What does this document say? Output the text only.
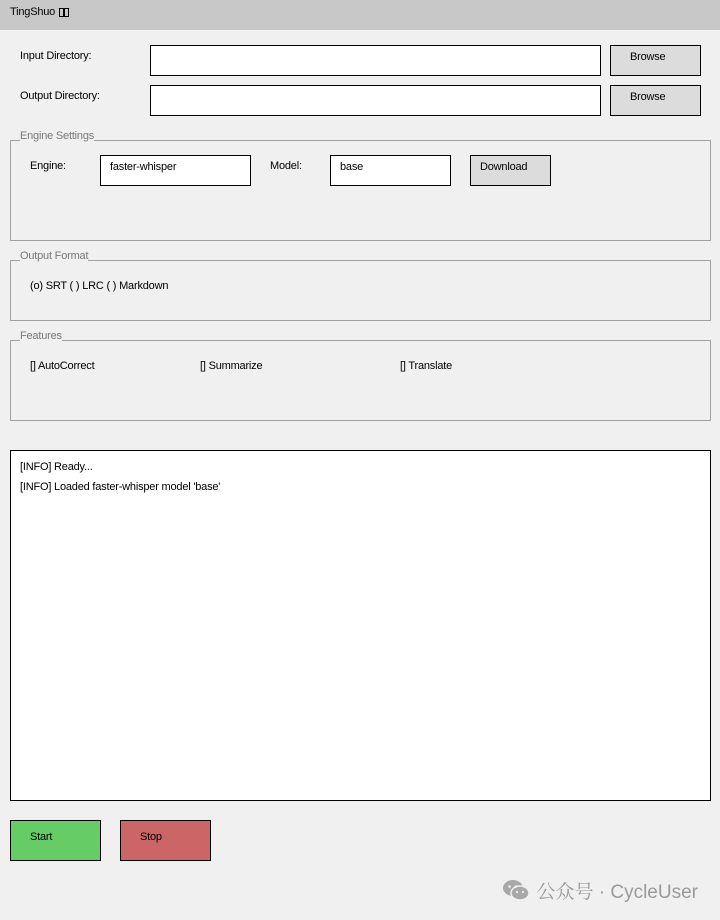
TingShuo
Input Directory:	Browse
Output Directory:	Browse
Engine Settings
Engine:	faster-whisper	Model:	base	Download
Output Format
(o) SRT ( ) LRC ( ) Markdown
Features
[] AutoCorrect	[] Summarize	[] Translate
[INFO] Ready...
[INFO] Loaded faster-whisper model 'base'
Start	Stop
公众号 · CycleUser
